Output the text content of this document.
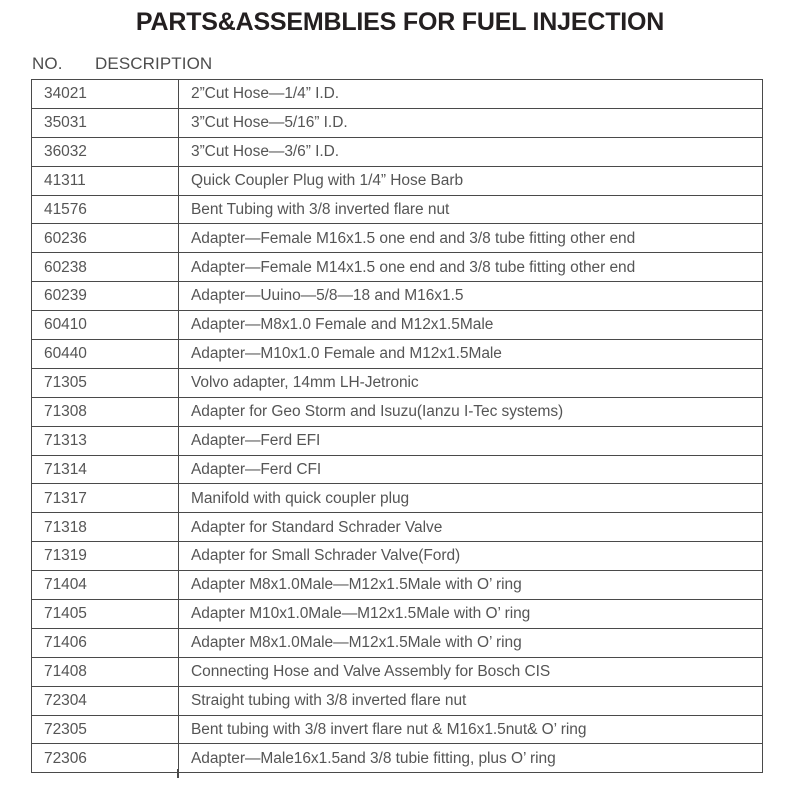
PARTS&ASSEMBLIES FOR FUEL INJECTION
NO. DESCRIPTION
34021	2”Cut Hose—1/4” I.D.
35031	3”Cut Hose—5/16” I.D.
36032	3”Cut Hose—3/6” I.D.
41311	Quick Coupler Plug with 1/4” Hose Barb
41576	Bent Tubing with 3/8 inverted flare nut
60236	Adapter—Female M16x1.5 one end and 3/8 tube fitting other end
60238	Adapter—Female M14x1.5 one end and 3/8 tube fitting other end
60239	Adapter—Uuino—5/8—18 and M16x1.5
60410	Adapter—M8x1.0 Female and M12x1.5Male
60440	Adapter—M10x1.0 Female and M12x1.5Male
71305	Volvo adapter, 14mm LH-Jetronic
71308	Adapter for Geo Storm and Isuzu(Ianzu I-Tec systems)
71313	Adapter—Ferd EFI
71314	Adapter—Ferd CFI
71317	Manifold with quick coupler plug
71318	Adapter for Standard Schrader Valve
71319	Adapter for Small Schrader Valve(Ford)
71404	Adapter M8x1.0Male—M12x1.5Male with O’ ring
71405	Adapter M10x1.0Male—M12x1.5Male with O’ ring
71406	Adapter M8x1.0Male—M12x1.5Male with O’ ring
71408	Connecting Hose and Valve Assembly for Bosch CIS
72304	Straight tubing with 3/8 inverted flare nut
72305	Bent tubing with 3/8 invert flare nut & M16x1.5nut& O’ ring
72306	Adapter—Male16x1.5and 3/8 tubie fitting, plus O’ ring
